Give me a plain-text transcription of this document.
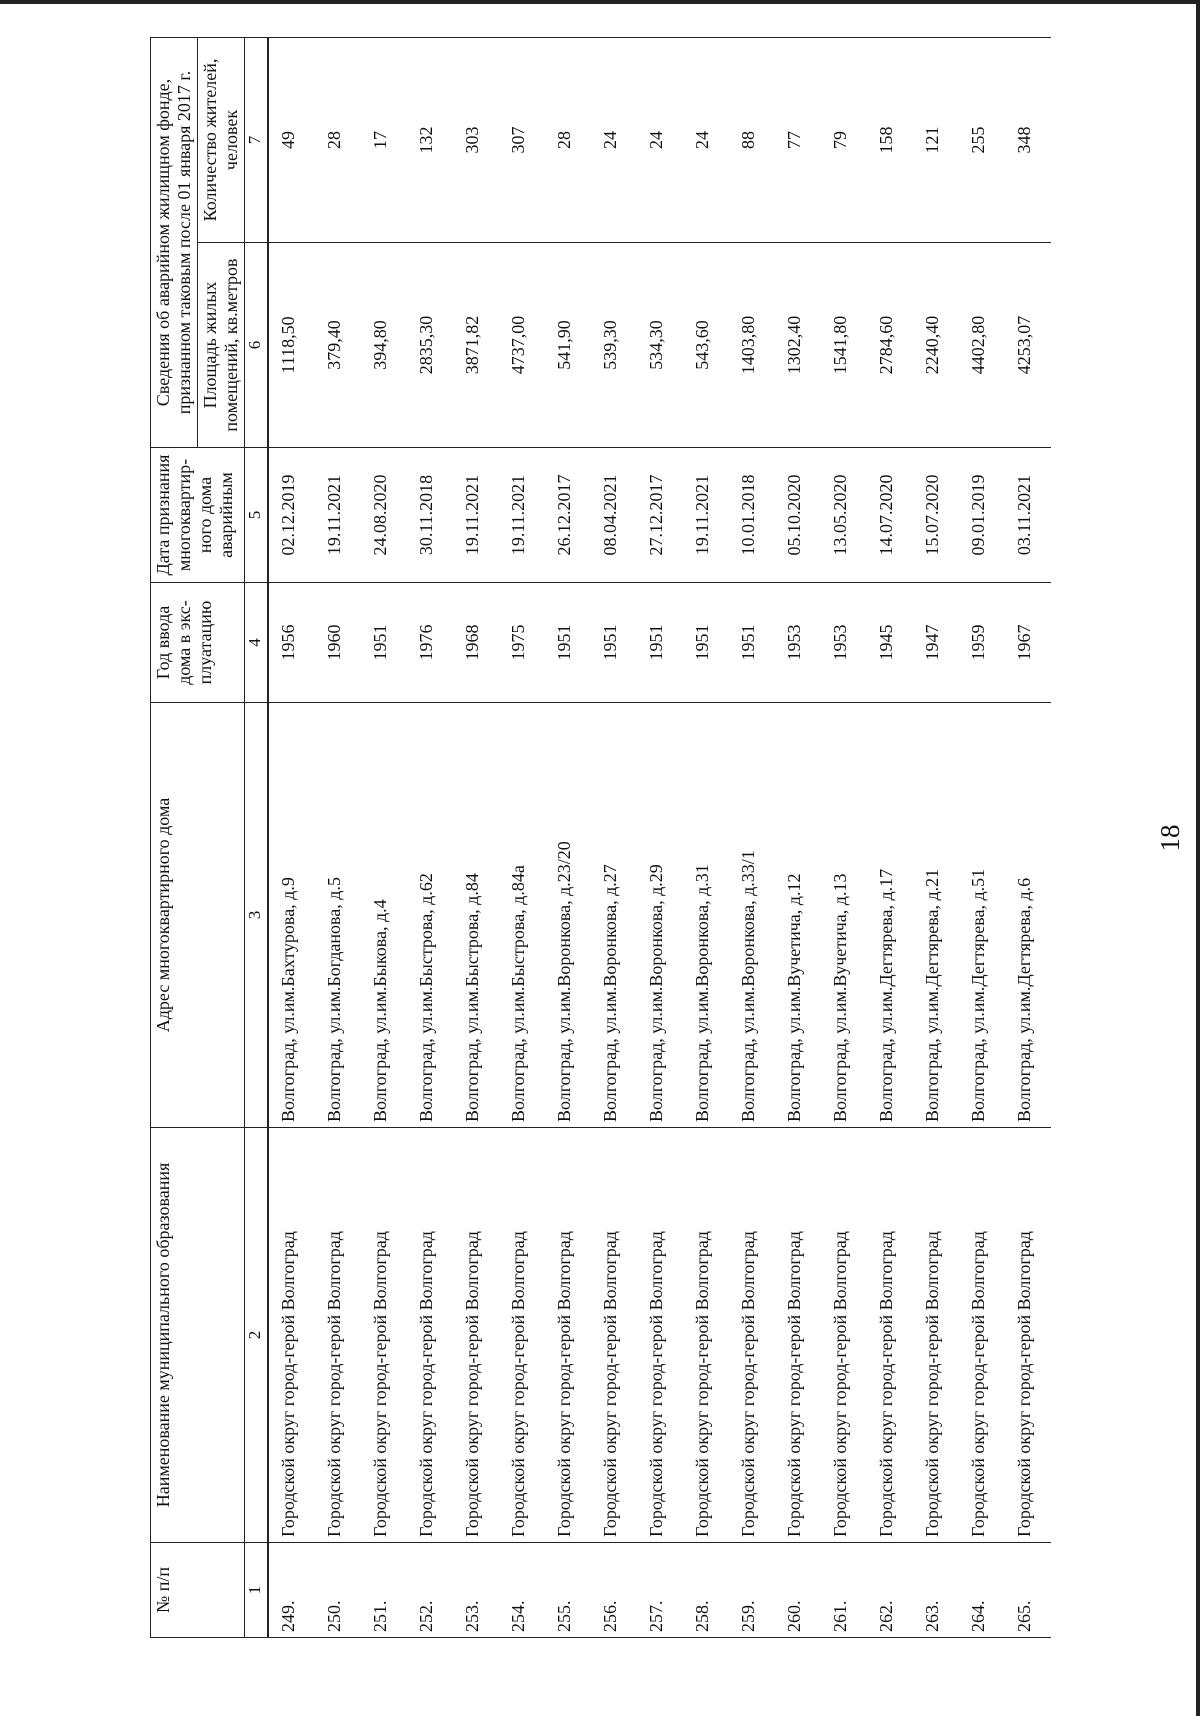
№ п/п	Наименование муниципального образования	Адрес многоквартирного дома	Год ввода дома в экс-плуатацию	Дата признания многоквартир-ного дома аварийным	Сведения об аварийном жилищном фонде, признанном таковым после 01 января 2017 г.	
					Площадь жилых помещений, кв.метров	Количество жителей, человек
1	2	3	4	5	6	7
249.	Городской округ город-герой Волгоград	Волгоград, ул.им.Бахтурова, д.9	1956	02.12.2019	1118,50	49
250.	Городской округ город-герой Волгоград	Волгоград, ул.им.Богданова, д.5	1960	19.11.2021	379,40	28
251.	Городской округ город-герой Волгоград	Волгоград, ул.им.Быкова, д.4	1951	24.08.2020	394,80	17
252.	Городской округ город-герой Волгоград	Волгоград, ул.им.Быстрова, д.62	1976	30.11.2018	2835,30	132
253.	Городской округ город-герой Волгоград	Волгоград, ул.им.Быстрова, д.84	1968	19.11.2021	3871,82	303
254.	Городской округ город-герой Волгоград	Волгоград, ул.им.Быстрова, д.84а	1975	19.11.2021	4737,00	307
255.	Городской округ город-герой Волгоград	Волгоград, ул.им.Воронкова, д.23/20	1951	26.12.2017	541,90	28
256.	Городской округ город-герой Волгоград	Волгоград, ул.им.Воронкова, д.27	1951	08.04.2021	539,30	24
257.	Городской округ город-герой Волгоград	Волгоград, ул.им.Воронкова, д.29	1951	27.12.2017	534,30	24
258.	Городской округ город-герой Волгоград	Волгоград, ул.им.Воронкова, д.31	1951	19.11.2021	543,60	24
259.	Городской округ город-герой Волгоград	Волгоград, ул.им.Воронкова, д.33/1	1951	10.01.2018	1403,80	88
260.	Городской округ город-герой Волгоград	Волгоград, ул.им.Вучетича, д.12	1953	05.10.2020	1302,40	77
261.	Городской округ город-герой Волгоград	Волгоград, ул.им.Вучетича, д.13	1953	13.05.2020	1541,80	79
262.	Городской округ город-герой Волгоград	Волгоград, ул.им.Дегтярева, д.17	1945	14.07.2020	2784,60	158
263.	Городской округ город-герой Волгоград	Волгоград, ул.им.Дегтярева, д.21	1947	15.07.2020	2240,40	121
264.	Городской округ город-герой Волгоград	Волгоград, ул.им.Дегтярева, д.51	1959	09.01.2019	4402,80	255
265.	Городской округ город-герой Волгоград	Волгоград, ул.им.Дегтярева, д.6	1967	03.11.2021	4253,07	348
18
